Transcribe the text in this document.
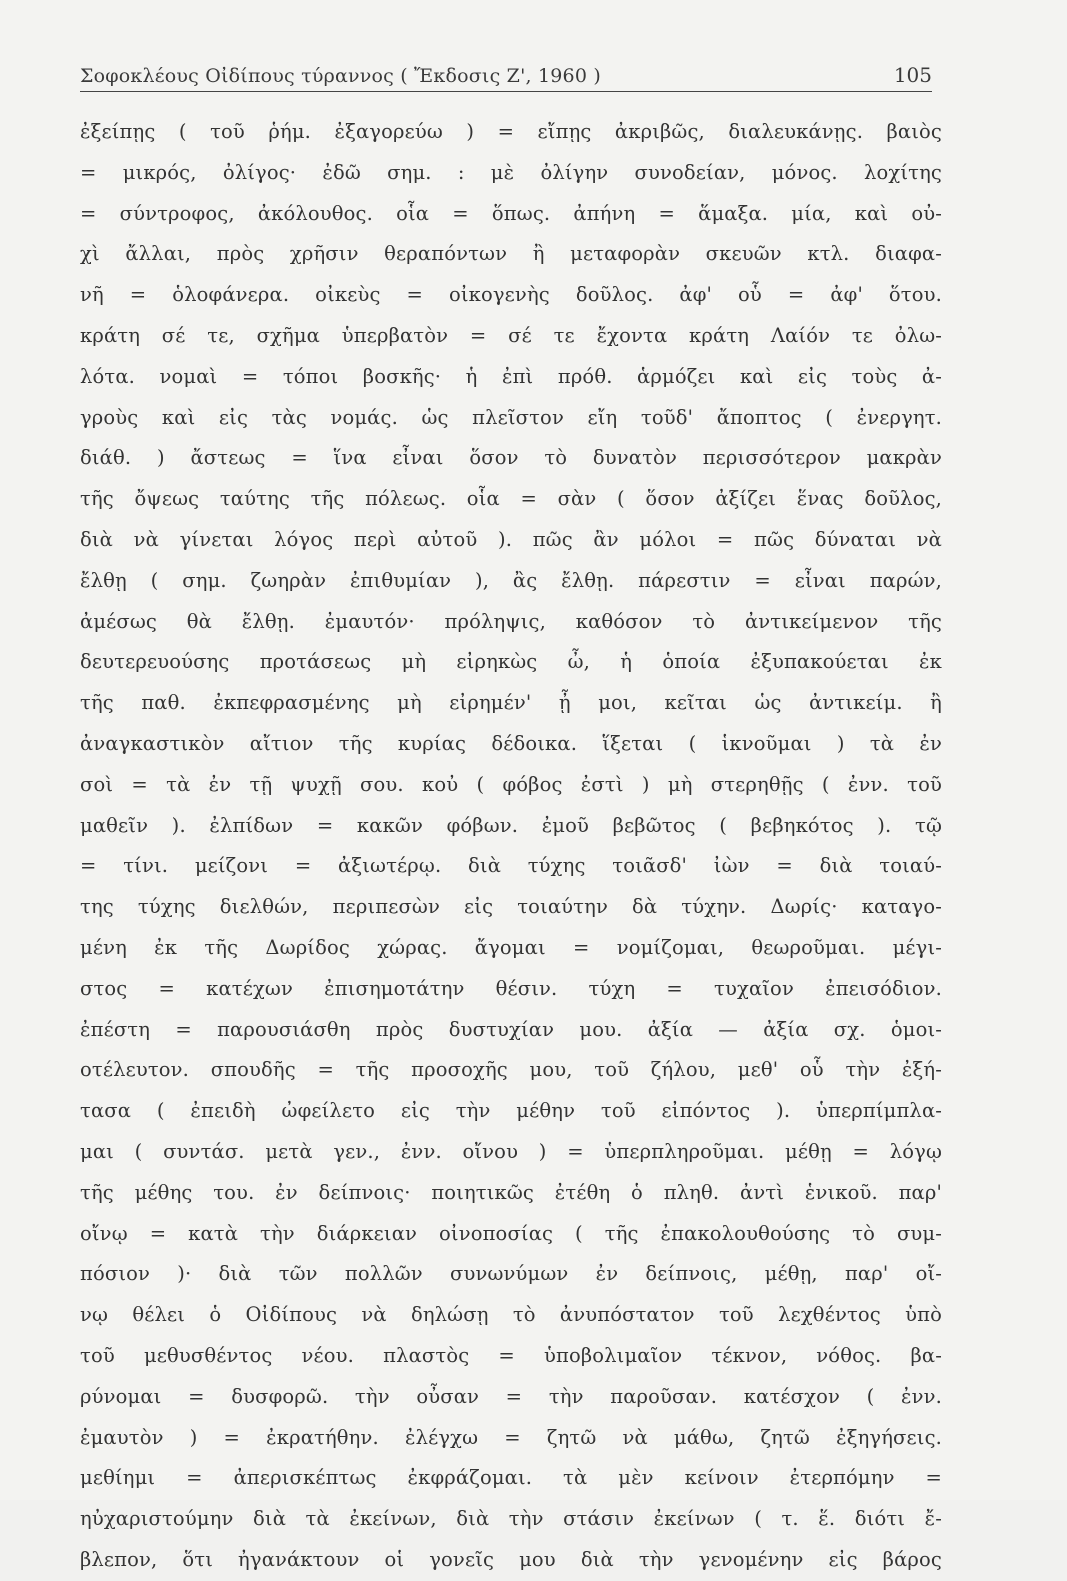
Σοφοκλέους Οἰδίπους τύραννος ( Ἔκδοσις Ζ', 1960 )	105
ἐξείπῃς ( τοῦ ῥήμ. ἐξαγορεύω ) = εἴπῃς ἀκριβῶς, διαλευκάνῃς. βαιὸς
= μικρός, ὀλίγος· ἐδῶ σημ. : μὲ ὀλίγην συνοδείαν, μόνος. λοχίτης
= σύντροφος, ἀκόλουθος. οἷα = ὅπως. ἀπήνη = ἅμαξα. μία, καὶ οὐ-
χὶ ἄλλαι, πρὸς χρῆσιν θεραπόντων ἢ μεταφορὰν σκευῶν κτλ. διαφα-
νῆ = ὁλοφάνερα. οἰκεὺς = οἰκογενὴς δοῦλος. ἀφ' οὗ = ἀφ' ὅτου.
κράτη σέ τε, σχῆμα ὑπερβατὸν = σέ τε ἔχοντα κράτη Λαίόν τε ὀλω-
λότα. νομαὶ = τόποι βοσκῆς· ἡ ἐπὶ πρόθ. ἁρμόζει καὶ εἰς τοὺς ἀ-
γροὺς καὶ εἰς τὰς νομάς. ὡς πλεῖστον εἴη τοῦδ' ἄποπτος ( ἐνεργητ.
διάθ. ) ἄστεως = ἵνα εἶναι ὅσον τὸ δυνατὸν περισσότερον μακρὰν
τῆς ὄψεως ταύτης τῆς πόλεως. οἷα = σὰν ( ὅσον ἀξίζει ἕνας δοῦλος,
διὰ νὰ γίνεται λόγος περὶ αὐτοῦ ). πῶς ἂν μόλοι = πῶς δύναται νὰ
ἔλθῃ ( σημ. ζωηρὰν ἐπιθυμίαν ), ἂς ἔλθῃ. πάρεστιν = εἶναι παρών,
ἀμέσως θὰ ἔλθῃ. ἐμαυτόν· πρόληψις, καθόσον τὸ ἀντικείμενον τῆς
δευτερευούσης προτάσεως μὴ εἰρηκὼς ὦ, ἡ ὁποία ἐξυπακούεται ἐκ
τῆς παθ. ἐκπεφρασμένης μὴ εἰρημέν' ᾖ μοι, κεῖται ὡς ἀντικείμ. ἢ
ἀναγκαστικὸν αἴτιον τῆς κυρίας δέδοικα. ἵξεται ( ἱκνοῦμαι ) τὰ ἐν
σοὶ = τὰ ἐν τῇ ψυχῇ σου. κοὐ ( φόβος ἐστὶ ) μὴ στερηθῇς ( ἐνν. τοῦ
μαθεῖν ). ἐλπίδων = κακῶν φόβων. ἐμοῦ βεβῶτος ( βεβηκότος ). τῷ
= τίνι. μείζονι = ἀξιωτέρῳ. διὰ τύχης τοιᾶσδ' ἰὼν = διὰ τοιαύ-
της τύχης διελθών, περιπεσὼν εἰς τοιαύτην δὰ τύχην. Δωρίς· καταγο-
μένη ἐκ τῆς Δωρίδος χώρας. ἄγομαι = νομίζομαι, θεωροῦμαι. μέγι-
στος = κατέχων ἐπισημοτάτην θέσιν. τύχη = τυχαῖον ἐπεισόδιον.
ἐπέστη = παρουσιάσθη πρὸς δυστυχίαν μου. ἀξία — ἀξία σχ. ὁμοι-
οτέλευτον. σπουδῆς = τῆς προσοχῆς μου, τοῦ ζήλου, μεθ' οὗ τὴν ἐξή-
τασα ( ἐπειδὴ ὠφείλετο εἰς τὴν μέθην τοῦ εἰπόντος ). ὑπερπίμπλα-
μαι ( συντάσ. μετὰ γεν., ἐνν. οἴνου ) = ὑπερπληροῦμαι. μέθῃ = λόγῳ
τῆς μέθης του. ἐν δείπνοις· ποιητικῶς ἐτέθη ὁ πληθ. ἀντὶ ἑνικοῦ. παρ'
οἴνῳ = κατὰ τὴν διάρκειαν οἰνοποσίας ( τῆς ἐπακολουθούσης τὸ συμ-
πόσιον )· διὰ τῶν πολλῶν συνωνύμων ἐν δείπνοις, μέθῃ, παρ' οἴ-
νῳ θέλει ὁ Οἰδίπους νὰ δηλώσῃ τὸ ἀνυπόστατον τοῦ λεχθέντος ὑπὸ
τοῦ μεθυσθέντος νέου. πλαστὸς = ὑποβολιμαῖον τέκνον, νόθος. βα-
ρύνομαι = δυσφορῶ. τὴν οὖσαν = τὴν παροῦσαν. κατέσχον ( ἐνν.
ἐμαυτὸν ) = ἐκρατήθην. ἐλέγχω = ζητῶ νὰ μάθω, ζητῶ ἐξηγήσεις.
μεθίημι = ἀπερισκέπτως ἐκφράζομαι. τὰ μὲν κείνοιν ἐτερπόμην =
ηὐχαριστούμην διὰ τὰ ἐκείνων, διὰ τὴν στάσιν ἐκείνων ( τ. ἕ. διότι ἔ-
βλεπον, ὅτι ἠγανάκτουν οἱ γονεῖς μου διὰ τὴν γενομένην εἰς βάρος
